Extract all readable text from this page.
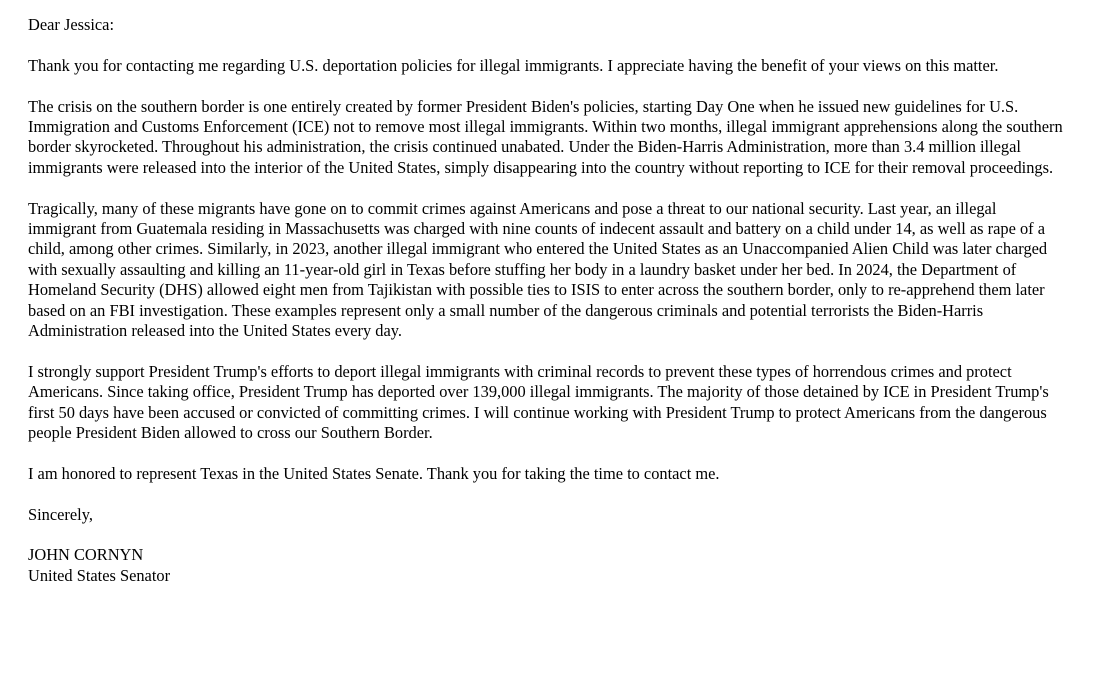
Dear Jessica:

Thank you for contacting me regarding U.S. deportation policies for illegal immigrants. I appreciate having the benefit of your views on this matter.

The crisis on the southern border is one entirely created by former President Biden's policies, starting Day One when he issued new guidelines for U.S. Immigration and Customs Enforcement (ICE) not to remove most illegal immigrants. Within two months, illegal immigrant apprehensions along the southern border skyrocketed. Throughout his administration, the crisis continued unabated. Under the Biden-Harris Administration, more than 3.4 million illegal immigrants were released into the interior of the United States, simply disappearing into the country without reporting to ICE for their removal proceedings.

Tragically, many of these migrants have gone on to commit crimes against Americans and pose a threat to our national security. Last year, an illegal immigrant from Guatemala residing in Massachusetts was charged with nine counts of indecent assault and battery on a child under 14, as well as rape of a child, among other crimes. Similarly, in 2023, another illegal immigrant who entered the United States as an Unaccompanied Alien Child was later charged with sexually assaulting and killing an 11-year-old girl in Texas before stuffing her body in a laundry basket under her bed. In 2024, the Department of Homeland Security (DHS) allowed eight men from Tajikistan with possible ties to ISIS to enter across the southern border, only to re-apprehend them later based on an FBI investigation. These examples represent only a small number of the dangerous criminals and potential terrorists the Biden-Harris Administration released into the United States every day.

I strongly support President Trump's efforts to deport illegal immigrants with criminal records to prevent these types of horrendous crimes and protect Americans. Since taking office, President Trump has deported over 139,000 illegal immigrants. The majority of those detained by ICE in President Trump's first 50 days have been accused or convicted of committing crimes. I will continue working with President Trump to protect Americans from the dangerous people President Biden allowed to cross our Southern Border.

I am honored to represent Texas in the United States Senate. Thank you for taking the time to contact me.

Sincerely,

JOHN CORNYN

United States Senator
